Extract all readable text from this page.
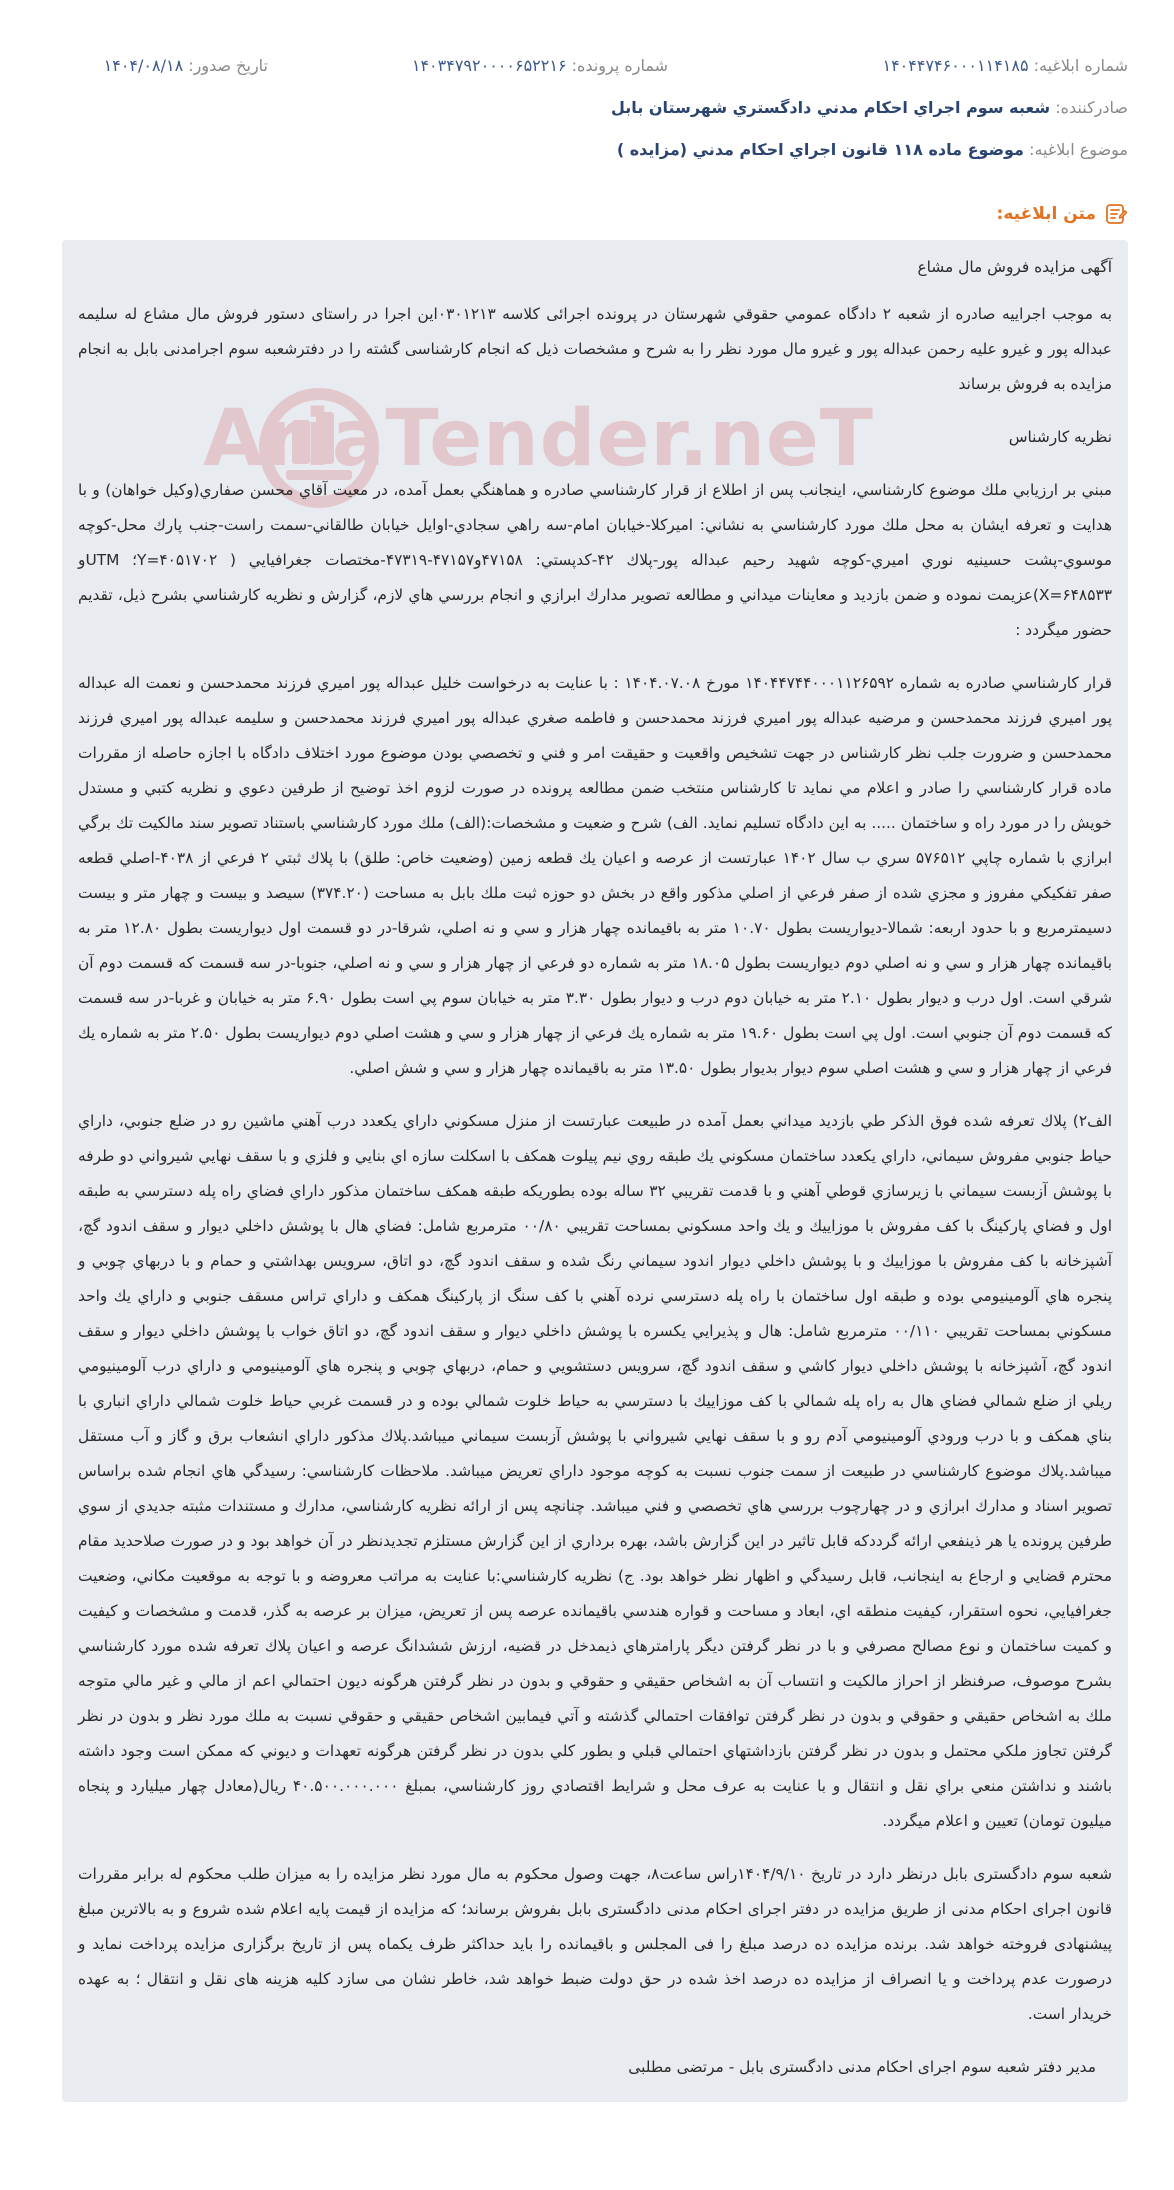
شماره ابلاغيه: ۱۴۰۴۴۷۴۶۰۰۰۱۱۴۱۸۵
شماره پرونده: ۱۴۰۳۴۷۹۲۰۰۰۰۶۵۲۲۱۶
تاريخ صدور: ۱۴۰۴/۰۸/۱۸
صادرکننده: شعبه سوم اجراي احكام مدني دادگستري شهرستان بابل
موضوع ابلاغيه: موضوع ماده ۱۱۸ قانون اجراي احکام مدني (مزايده )
متن ابلاغيه:
AriaTender.neT

آگهی مزایده فروش مال مشاع

به موجب اجراییه صادره از شعبه ۲ دادگاه عمومي حقوقي شهرستان در پرونده اجرائی کلاسه ۰۳۰۱۲۱۳این اجرا در راستای دستور فروش مال مشاع له سلیمه عبداله پور و غیرو علیه رحمن عبداله پور و غیرو مال مورد نظر را به شرح و مشخصات ذیل که انجام کارشناسی گشته را در دفترشعبه سوم اجرامدنی بابل به انجام مزایده به فروش برساند

نظریه کارشناس

مبني بر ارزيابي ملك موضوع كارشناسي، اينجانب پس از اطلاع از قرار كارشناسي صادره و هماهنگي بعمل آمده، در معيت آقاي محسن صفاري(وكيل خواهان) و با هدايت و تعرفه ايشان به محل ملك مورد كارشناسي به نشاني: اميركلا-خيابان امام-سه راهي سجادي-اوايل خيابان طالقاني-سمت راست-جنب پارك محل-كوچه موسوي-پشت حسينيه نوري اميري-كوچه شهيد رحيم عبداله پور-پلاك ۴۲-كدپستي: ۴۷۱۵۸و۴۷۱۵۷-۴۷۳۱۹-مختصات جغرافيايي ( ۴۰۵۱۷۰۲=Y؛ UTMو ۶۴۸۵۳۳=X)عزيمت نموده و ضمن بازديد و معاينات ميداني و مطالعه تصوير مدارك ابرازي و انجام بررسي هاي لازم، گزارش و نظريه كارشناسي بشرح ذيل، تقديم حضور ميگردد :

قرار كارشناسي صادره به شماره ۱۴۰۴۴۷۴۴۰۰۰۱۱۲۶۵۹۲ مورخ ۱۴۰۴.۰۷.۰۸ : با عنايت به درخواست خليل عبداله پور اميري فرزند محمدحسن و نعمت اله عبداله پور اميري فرزند محمدحسن و مرضيه عبداله پور اميري فرزند محمدحسن و فاطمه صغري عبداله پور اميري فرزند محمدحسن و سليمه عبداله پور اميري فرزند محمدحسن و ضرورت جلب نظر كارشناس در جهت تشخيص واقعيت و حقيقت امر و فني و تخصصي بودن موضوع مورد اختلاف دادگاه با اجازه حاصله از مقررات ماده قرار كارشناسي را صادر و اعلام مي نمايد تا كارشناس منتخب ضمن مطالعه پرونده در صورت لزوم اخذ توضيح از طرفين دعوي و نظريه كتبي و مستدل خويش را در مورد راه و ساختمان ..... به اين دادگاه تسليم نمايد. الف) شرح و ضعيت و مشخصات:(الف) ملك مورد كارشناسي باستناد تصوير سند مالكيت تك برگي ابرازي با شماره چاپي ۵۷۶۵۱۲ سري ب سال ۱۴۰۲ عبارتست از عرصه و اعيان يك قطعه زمين (وضعيت خاص: طلق) با پلاك ثبتي ۲ فرعي از ۴۰۳۸-اصلي قطعه صفر تفكيكي مفروز و مجزي شده از صفر فرعي از اصلي مذكور واقع در بخش دو حوزه ثبت ملك بابل به مساحت (۳۷۴.۲۰) سيصد و بيست و چهار متر و بيست دسيمترمربع و با حدود اربعه: شمالا-ديواريست بطول ۱۰.۷۰ متر به باقيمانده چهار هزار و سي و نه اصلي، شرقا-در دو قسمت اول ديواريست بطول ۱۲.۸۰ متر به باقيمانده چهار هزار و سي و نه اصلي دوم ديواريست بطول ۱۸.۰۵ متر به شماره دو فرعي از چهار هزار و سي و نه اصلي، جنوبا-در سه قسمت كه قسمت دوم آن شرقي است. اول درب و ديوار بطول ۲.۱۰ متر به خيابان دوم درب و ديوار بطول ۳.۳۰ متر به خيابان سوم پي است بطول ۶.۹۰ متر به خيابان و غربا-در سه قسمت كه قسمت دوم آن جنوبي است. اول پي است بطول ۱۹.۶۰ متر به شماره يك فرعي از چهار هزار و سي و هشت اصلي دوم ديواريست بطول ۲.۵۰ متر به شماره يك فرعي از چهار هزار و سي و هشت اصلي سوم ديوار بديوار بطول ۱۳.۵۰ متر به باقيمانده چهار هزار و سي و شش اصلي.

الف۲) پلاك تعرفه شده فوق الذكر طي بازديد ميداني بعمل آمده در طبيعت عبارتست از منزل مسكوني داراي يكعدد درب آهني ماشين رو در ضلع جنوبي، داراي حياط جنوبي مفروش سيماني، داراي يكعدد ساختمان مسكوني يك طبقه روي نيم پيلوت همكف با اسكلت سازه اي بنايي و فلزي و با سقف نهايي شيرواني دو طرفه با پوشش آزبست سيماني با زيرسازي قوطي آهني و با قدمت تقريبي ۳۲ ساله بوده بطوريكه طبقه همكف ساختمان مذكور داراي فضاي راه پله دسترسي به طبقه اول و فضاي پاركينگ با كف مفروش با موزاييك و يك واحد مسكوني بمساحت تقريبي ۰۰/۸۰ مترمربع شامل: فضاي هال با پوشش داخلي ديوار و سقف اندود گچ، آشپزخانه با كف مفروش با موزاييك و با پوشش داخلي ديوار اندود سيماني رنگ شده و سقف اندود گچ، دو اتاق، سرويس بهداشتي و حمام و با دربهاي چوبي و پنجره هاي آلومينيومي بوده و طبقه اول ساختمان با راه پله دسترسي نرده آهني با كف سنگ از پاركينگ همكف و داراي تراس مسقف جنوبي و داراي يك واحد مسكوني بمساحت تقريبي ۰۰/۱۱۰ مترمربع شامل: هال و پذيرايي يكسره با پوشش داخلي ديوار و سقف اندود گچ، دو اتاق خواب با پوشش داخلي ديوار و سقف اندود گچ، آشپزخانه با پوشش داخلي ديوار كاشي و سقف اندود گچ، سرويس دستشويي و حمام، دربهاي چوبي و پنجره هاي آلومينيومي و داراي درب آلومينيومي ريلي از ضلع شمالي فضاي هال به راه پله شمالي با كف موزاييك با دسترسي به حياط خلوت شمالي بوده و در قسمت غربي حياط خلوت شمالي داراي انباري با بناي همكف و با درب ورودي آلومينيومي آدم رو و با سقف نهايي شيرواني با پوشش آزبست سيماني ميباشد.پلاك مذكور داراي انشعاب برق و گاز و آب مستقل ميباشد.پلاك موضوع كارشناسي در طبيعت از سمت جنوب نسبت به كوچه موجود داراي تعريض ميباشد. ملاحظات كارشناسي: رسيدگي هاي انجام شده براساس تصوير اسناد و مدارك ابرازي و در چهارچوب بررسي هاي تخصصي و فني ميباشد. چنانچه پس از ارائه نظريه كارشناسي، مدارك و مستندات مثبته جديدي از سوي طرفين پرونده يا هر ذينفعي ارائه گرددكه قابل تاثير در اين گزارش باشد، بهره برداري از اين گزارش مستلزم تجديدنظر در آن خواهد بود و در صورت صلاحديد مقام محترم قضايي و ارجاع به اينجانب، قابل رسيدگي و اظهار نظر خواهد بود. ج) نظريه كارشناسي:با عنايت به مراتب معروضه و با توجه به موقعيت مكاني، وضعيت جغرافيايي، نحوه استقرار، كيفيت منطقه اي، ابعاد و مساحت و قواره هندسي باقيمانده عرصه پس از تعريض، ميزان بر عرصه به گذر، قدمت و مشخصات و كيفيت و كميت ساختمان و نوع مصالح مصرفي و با در نظر گرفتن ديگر پارامترهاي ذيمدخل در قضيه، ارزش ششدانگ عرصه و اعيان پلاك تعرفه شده مورد كارشناسي بشرح موصوف، صرفنظر از احراز مالكيت و انتساب آن به اشخاص حقيقي و حقوقي و بدون در نظر گرفتن هرگونه ديون احتمالي اعم از مالي و غير مالي متوجه ملك به اشخاص حقيقي و حقوقي و بدون در نظر گرفتن توافقات احتمالي گذشته و آتي فيمابين اشخاص حقيقي و حقوقي نسبت به ملك مورد نظر و بدون در نظر گرفتن تجاوز ملكي محتمل و بدون در نظر گرفتن بازداشتهاي احتمالي قبلي و بطور كلي بدون در نظر گرفتن هرگونه تعهدات و ديوني كه ممكن است وجود داشته باشند و نداشتن منعي براي نقل و انتقال و با عنايت به عرف محل و شرايط اقتصادي روز كارشناسي، بمبلغ ۴۰.۵۰۰.۰۰۰.۰۰۰ ريال(معادل چهار ميليارد و پنجاه ميليون تومان) تعيين و اعلام ميگردد.

شعبه سوم دادگستری بابل درنظر دارد در تاریخ ۱۴۰۴/۹/۱۰راس ساعت۸، جهت وصول محکوم به مال مورد نظر مزایده را به میزان طلب محکوم له برابر مقررات قانون اجرای احکام مدنی از طریق مزایده در دفتر اجرای احکام مدنی دادگستری بابل بفروش برساند؛ که مزایده از قیمت پایه اعلام شده شروع و به بالاترین مبلغ پیشنهادی فروخته خواهد شد. برنده مزایده ده درصد مبلغ را فی المجلس و باقیمانده را باید حداکثر ظرف یکماه پس از تاریخ برگزاری مزایده پرداخت نماید و درصورت عدم پرداخت و یا انصراف از مزایده ده درصد اخذ شده در حق دولت ضبط خواهد شد، خاطر نشان می سازد کلیه هزینه های نقل و انتقال ؛ به عهده خریدار است.

مدیر دفتر شعبه سوم اجرای احکام مدنی دادگستری بابل - مرتضی مطلبی
